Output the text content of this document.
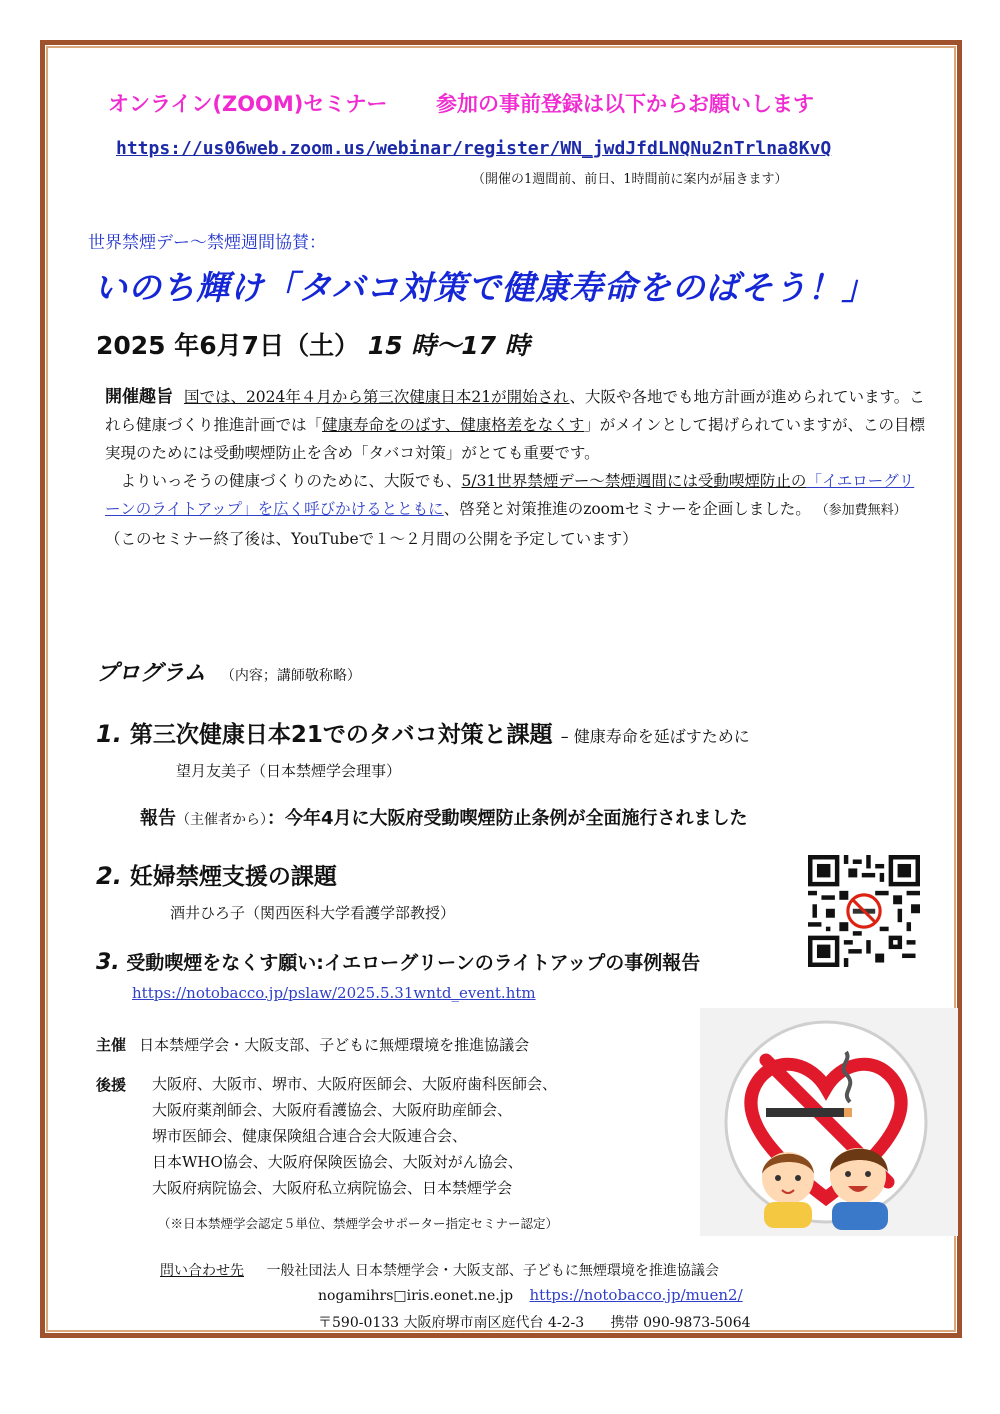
オンライン(ZOOM)セミナー 参加の事前登録は以下からお願いします
https://us06web.zoom.us/webinar/register/WN_jwdJfdLNQNu2nTrlna8KvQ
（開催の1週間前、前日、1時間前に案内が届きます）
世界禁煙デー〜禁煙週間協賛：
いのち輝け「タバコ対策で健康寿命をのばそう！」
2025 年6月7日（土） 15 時〜17 時
開催趣旨 国では、2024年４月から第三次健康日本21が開始され、大阪や各地でも地方計画が進められています。これら健康づくり推進計画では「健康寿命をのばす、健康格差をなくす」がメインとして掲げられていますが、この目標実現のためには受動喫煙防止を含め「タバコ対策」がとても重要です。
　よりいっそうの健康づくりのために、大阪でも、5/31世界禁煙デー〜禁煙週間には受動喫煙防止の「イエローグリーンのライトアップ」を広く呼びかけるとともに、啓発と対策推進のzoomセミナーを企画しました。 （参加費無料）
（このセミナー終了後は、YouTubeで１〜２月間の公開を予定しています）
プログラム （内容；講師敬称略）
1. 第三次健康日本21でのタバコ対策と課題 – 健康寿命を延ばすために
望月友美子（日本禁煙学会理事）
報告（主催者から）：今年4月に大阪府受動喫煙防止条例が全面施行されました
2. 妊婦禁煙支援の課題
酒井ひろ子（関西医科大学看護学部教授）
3. 受動喫煙をなくす願い:イエローグリーンのライトアップの事例報告
https://notobacco.jp/pslaw/2025.5.31wntd_event.htm
主催 日本禁煙学会・大阪支部、子どもに無煙環境を推進協議会
後援 大阪府、大阪市、堺市、大阪府医師会、大阪府歯科医師会、
大阪府薬剤師会、大阪府看護協会、大阪府助産師会、
堺市医師会、健康保険組合連合会大阪連合会、
日本WHO協会、大阪府保険医協会、大阪対がん協会、
大阪府病院協会、大阪府私立病院協会、日本禁煙学会
（※日本禁煙学会認定５単位、禁煙学会サポーター指定セミナー認定）
問い合わせ先 一般社団法人 日本禁煙学会・大阪支部、子どもに無煙環境を推進協議会
nogamihrs□iris.eonet.ne.jp https://notobacco.jp/muen2/
〒590-0133 大阪府堺市南区庭代台 4-2-3 携帯 090-9873-5064
